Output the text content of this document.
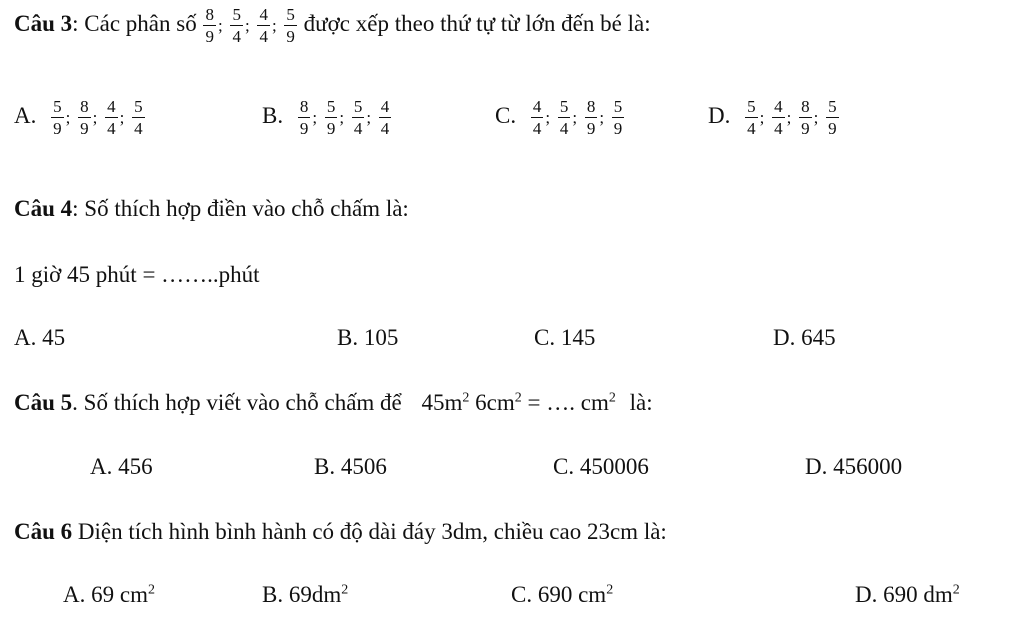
Câu 3: Các phân số $\frac{8}{9}$ ; $\frac{5}{4}$ ; $\frac{4}{4}$ ; $\frac{5}{9}$ được xếp theo thứ tự từ lớn đến bé là:
A. $\frac{5}{9}$ ; $\frac{8}{9}$ ; $\frac{4}{4}$ ; $\frac{5}{4}$	B. $\frac{8}{9}$ ; $\frac{5}{9}$ ; $\frac{5}{4}$ ; $\frac{4}{4}$	C. $\frac{4}{4}$ ; $\frac{5}{4}$ ; $\frac{8}{9}$ ; $\frac{5}{9}$	D. $\frac{5}{4}$ ; $\frac{4}{4}$ ; $\frac{8}{9}$ ; $\frac{5}{9}$
Câu 4: Số thích hợp điền vào chỗ chấm là:
1 giờ 45 phút = ……..phút
A. 45	B. 105	C. 145	D. 645
Câu 5. Số thích hợp viết vào chỗ chấm để $45m^2$ $6cm^2$ = …. $cm^2$ là:
A. 456	B. 4506	C. 450006	D. 456000
Câu 6 Diện tích hình bình hành có độ dài đáy 3dm, chiều cao 23cm là:
A. 69 $cm^2$	B. $69dm^2$	C. 690 $cm^2$	D. 690 $dm^2$
